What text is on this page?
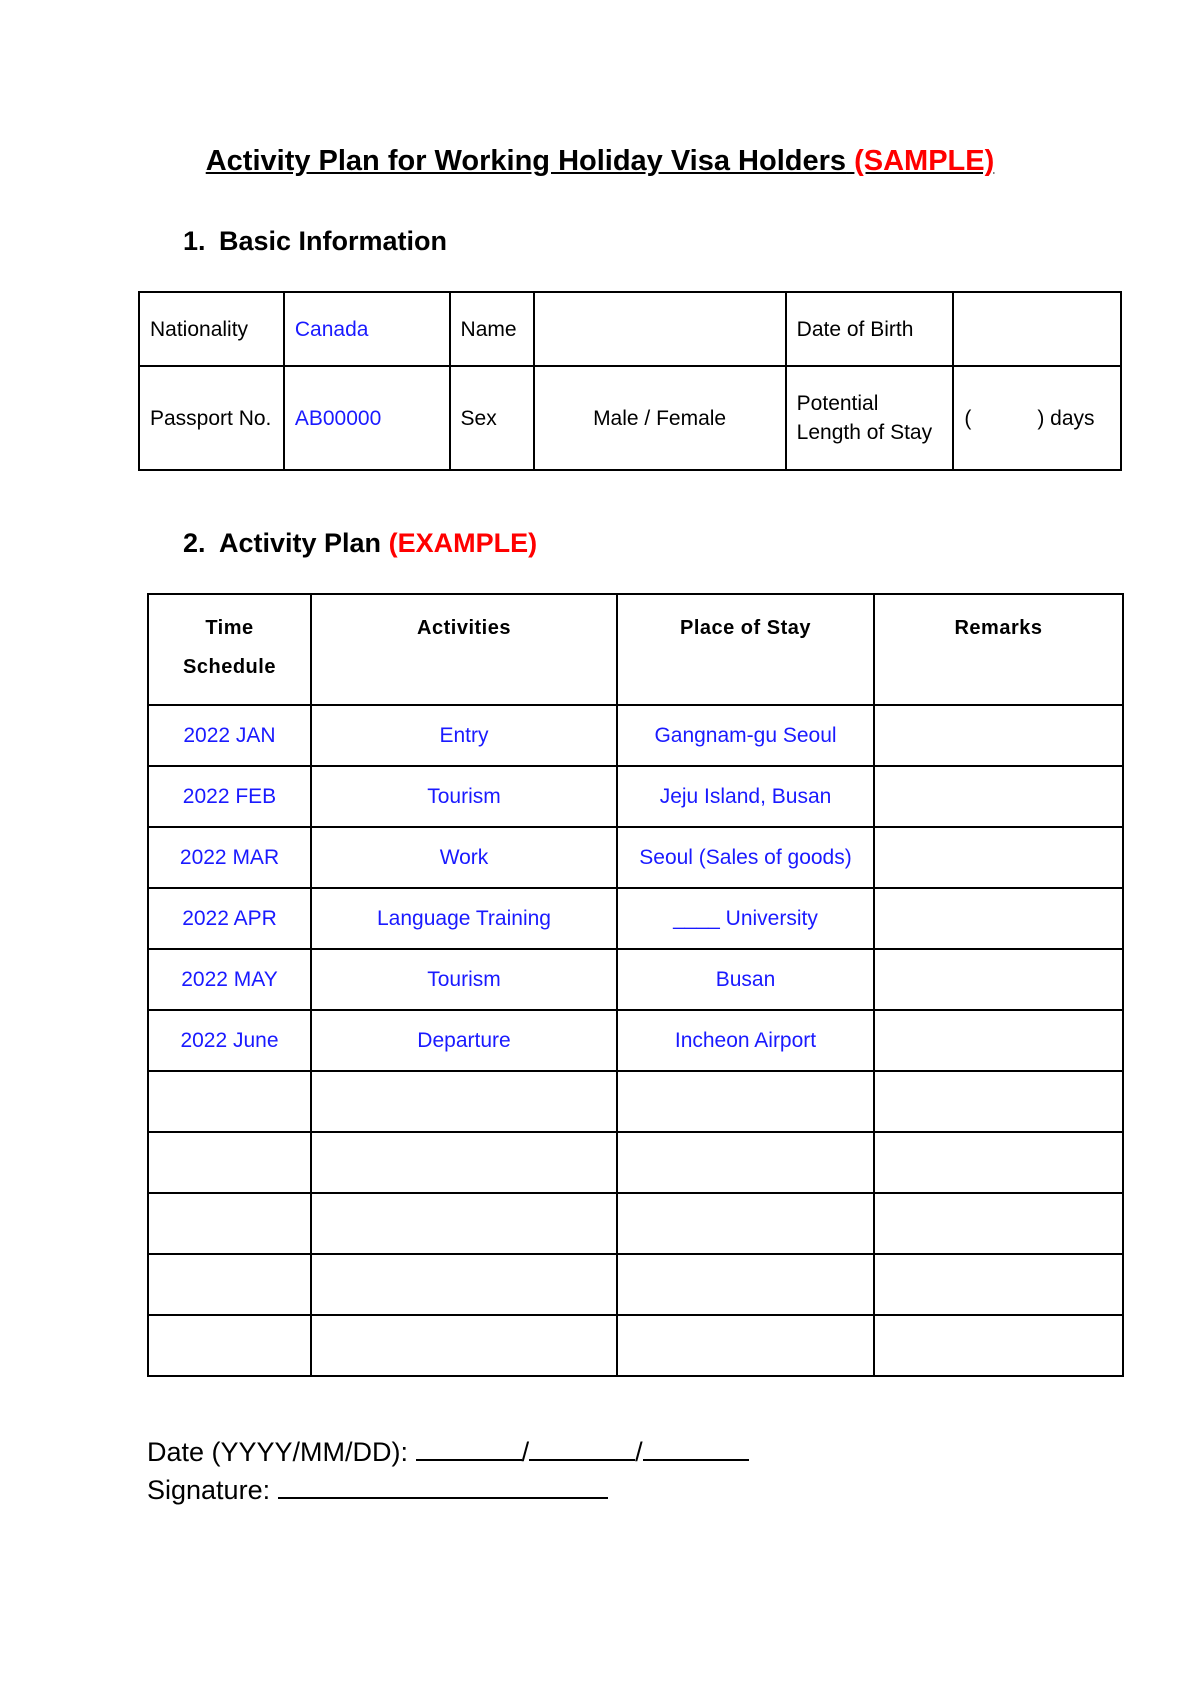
Activity Plan for Working Holiday Visa Holders (SAMPLE)
1. Basic Information
Nationality	Canada	Name		Date of Birth	
Passport No.	AB00000	Sex	Male / Female	Potential Length of Stay	( ) days
2. Activity Plan (EXAMPLE)
Time
Schedule	Activities	Place of Stay	Remarks
2022 JAN	Entry	Gangnam-gu Seoul	
2022 FEB	Tourism	Jeju Island, Busan	
2022 MAR	Work	Seoul (Sales of goods)	
2022 APR	Language Training	____ University	
2022 MAY	Tourism	Busan	
2022 June	Departure	Incheon Airport	

Date (YYYY/MM/DD):	/	/
Signature:
